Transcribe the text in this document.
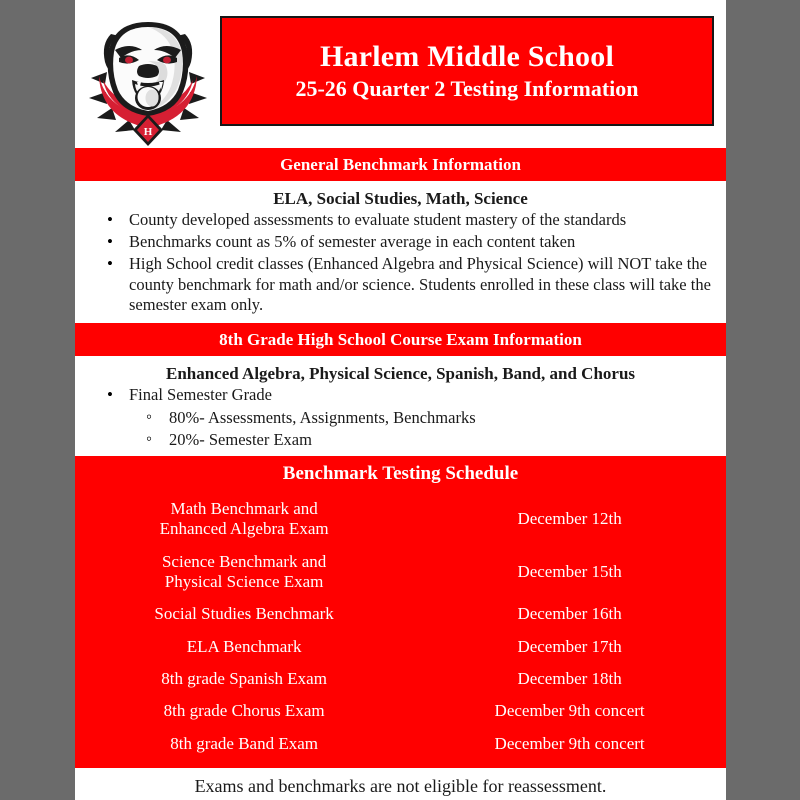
H
Harlem Middle School
25-26 Quarter 2 Testing Information
General Benchmark Information
ELA, Social Studies, Math, Science
• County developed assessments to evaluate student mastery of the standards
• Benchmarks count as 5% of semester average in each content taken
• High School credit classes (Enhanced Algebra and Physical Science) will NOT take the county benchmark for math and/or science. Students enrolled in these class will take the semester exam only.
8th Grade High School Course Exam Information
Enhanced Algebra, Physical Science, Spanish, Band, and Chorus
• Final Semester Grade
◦ 80%- Assessments, Assignments, Benchmarks
◦ 20%- Semester Exam
Benchmark Testing Schedule
Math Benchmark and
Enhanced Algebra Exam	December 12th
Science Benchmark and
Physical Science Exam	December 15th
Social Studies Benchmark	December 16th
ELA Benchmark	December 17th
8th grade Spanish Exam	December 18th
8th grade Chorus Exam	December 9th concert
8th grade Band Exam	December 9th concert
Exams and benchmarks are not eligible for reassessment.
